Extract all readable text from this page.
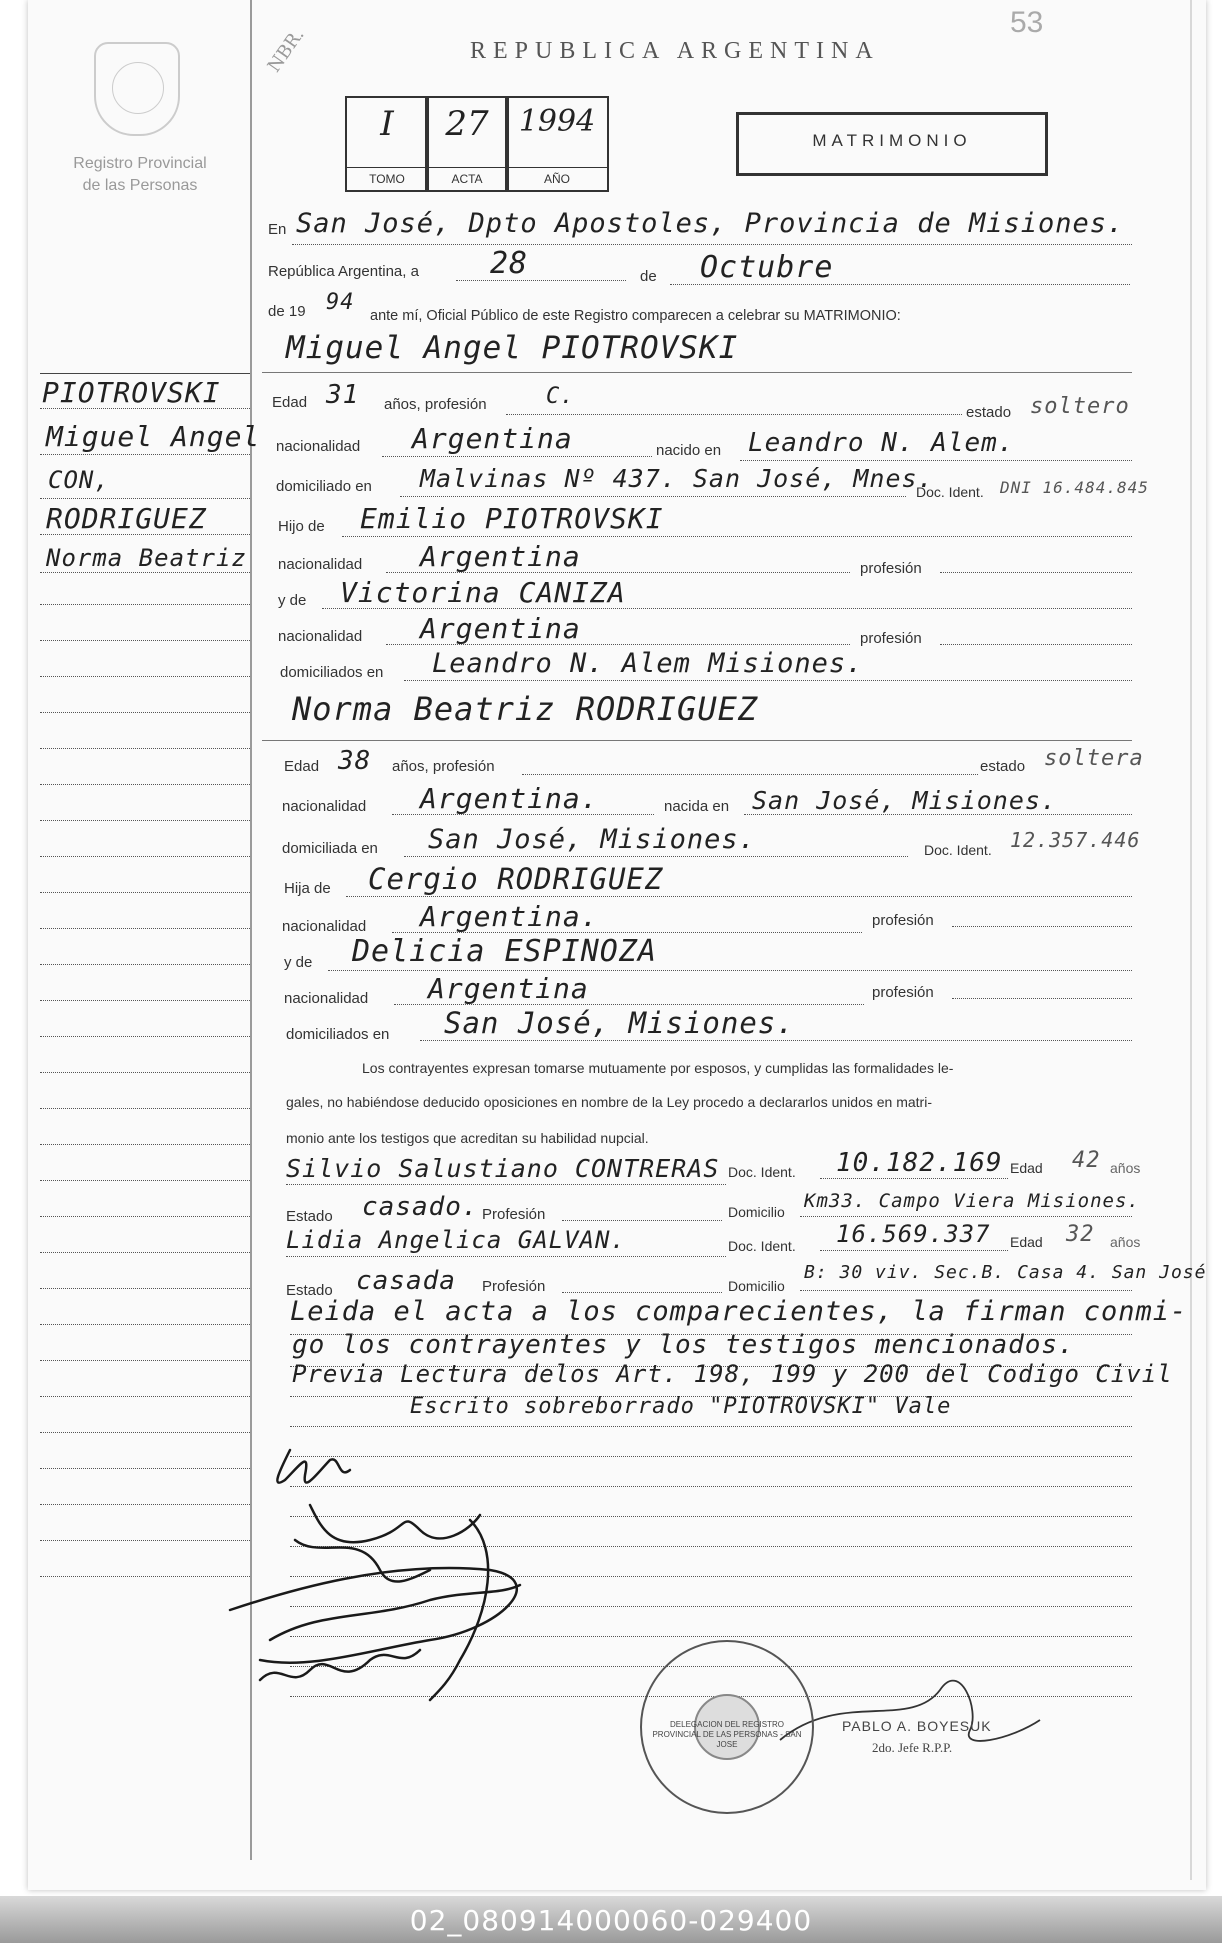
53
Registro Provincial
de las Personas
NBR.
PIOTROVSKI
Miguel Angel
CON,
RODRIGUEZ
Norma Beatriz
REPUBLICA ARGENTINA
I
TOMO
27
ACTA
1994
AÑO
MATRIMONIO
En San José, Dpto Apostoles, Provincia de Misiones.
República Argentina, a 28	de Octubre
de 19 94
ante mí, Oficial Público de este Registro comparecen a celebrar su MATRIMONIO:
Miguel Angel PIOTROVSKI
Edad 31 años, profesión	C.
estado soltero
nacionalidad Argentina	nacido en Leandro N. Alem.
domiciliado en Malvinas Nº 437. San José, Mnes.
Doc. Ident. DNI 16.484.845
Hijo de Emilio PIOTROVSKI
nacionalidad Argentina	profesión
y de Victorina CANIZA
nacionalidad Argentina	profesión
domiciliados en Leandro N. Alem Misiones.
Norma Beatriz RODRIGUEZ
Edad 38 años, profesión	estado soltera
nacionalidad Argentina.	nacida en San José, Misiones.
domiciliada en San José, Misiones.	Doc. Ident. 12.357.446
Hija de Cergio RODRIGUEZ
nacionalidad Argentina.	profesión
y de Delicia ESPINOZA
nacionalidad Argentina	profesión
domiciliados en San José, Misiones.
Los contrayentes expresan tomarse mutuamente por esposos, y cumplidas las formalidades le-
gales, no habiéndose deducido oposiciones en nombre de la Ley procedo a declararlos unidos en matri-
monio ante los testigos que acreditan su habilidad nupcial.
Silvio Salustiano CONTRERAS Doc. Ident. 10.182.169 Edad 42 años
Estado casado. Profesión	Domicilio Km33. Campo Viera Misiones.
Lidia Angelica GALVAN.	Doc. Ident. 16.569.337 Edad 32 años
Estado casada Profesión	Domicilio
B: 30 viv. Sec.B. Casa 4. San José
Leida el acta a los comparecientes, la firman conmi-
go los contrayentes y los testigos mencionados.
Previa Lectura delos Art. 198, 199 y 200 del Codigo Civil
Escrito sobreborrado "PIOTROVSKI" Vale
DELEGACION DEL REGISTRO PROVINCIAL DE LAS PERSONAS - SAN JOSE
PABLO A. BOYESUK
2do. Jefe R.P.P.
02_080914000060-029400
